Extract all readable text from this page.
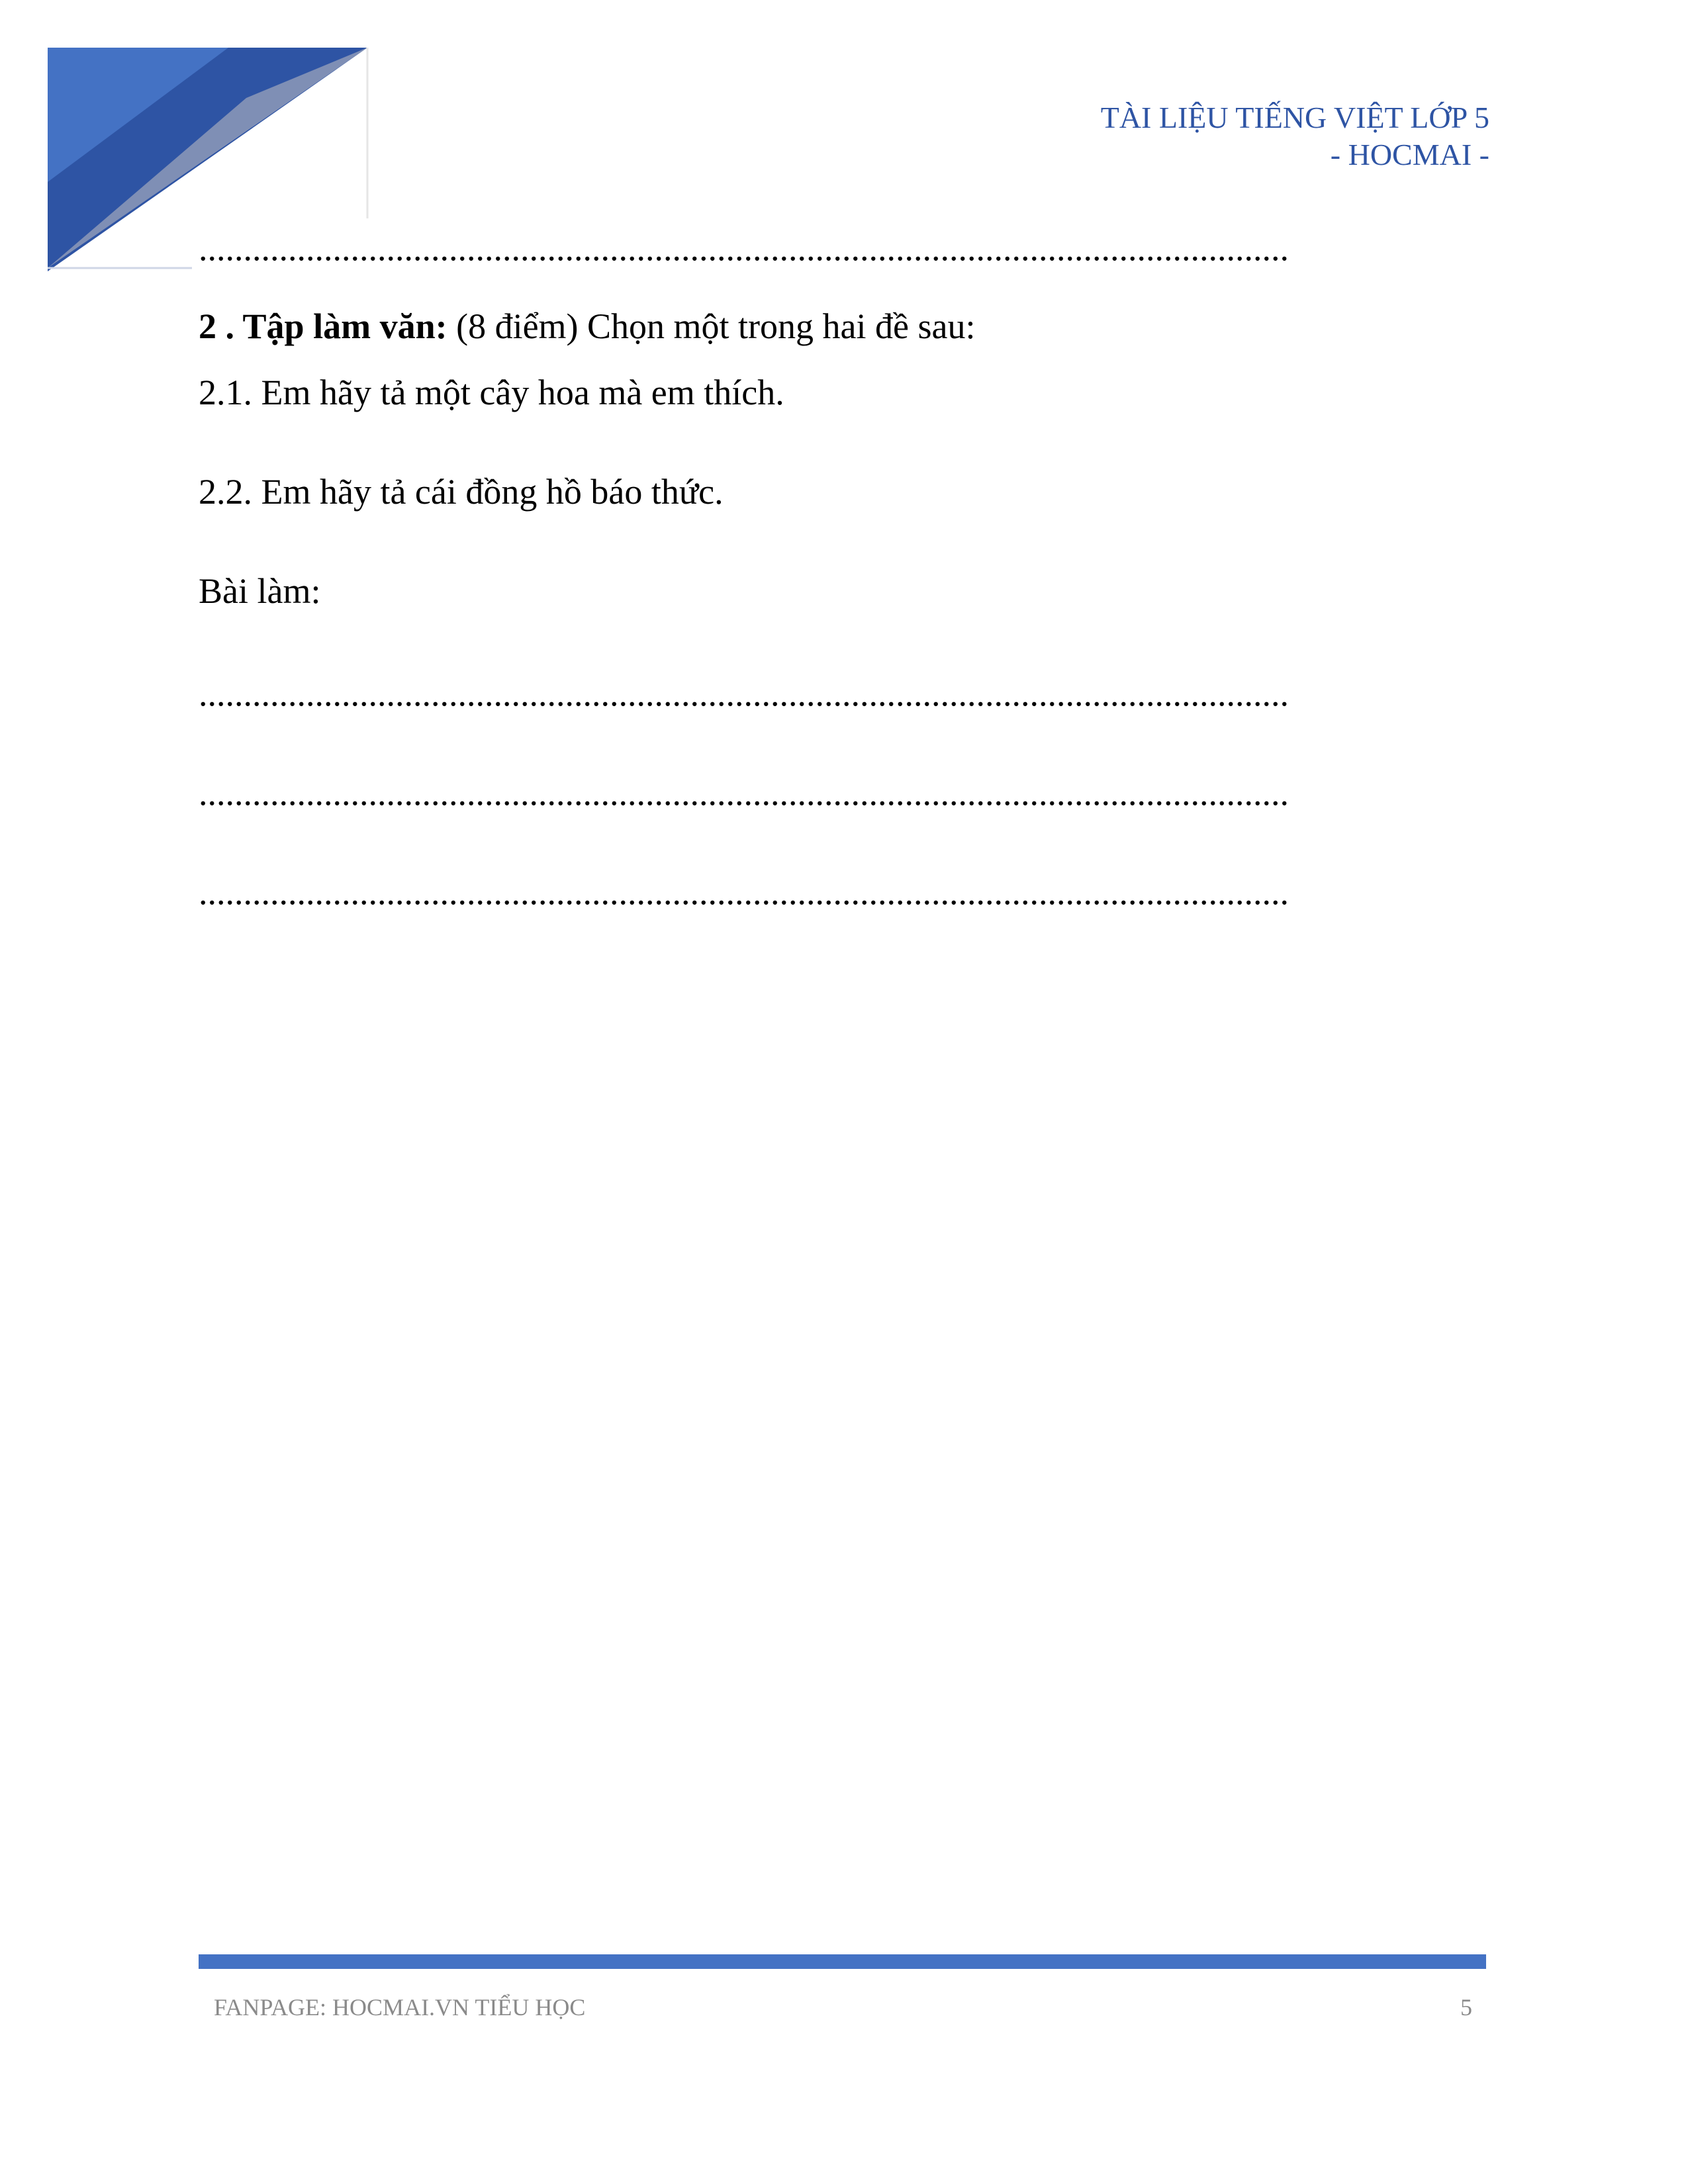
TÀI LIỆU TIẾNG VIỆT LỚP 5
- HOCMAI -
..........................................................................................................................
2 . Tập làm văn: (8 điểm) Chọn một trong hai đề sau:
2.1. Em hãy tả một cây hoa mà em thích.
2.2. Em hãy tả cái đồng hồ báo thức.
Bài làm:
..........................................................................................................................
..........................................................................................................................
..........................................................................................................................
FANPAGE: HOCMAI.VN TIỂU HỌC	5
